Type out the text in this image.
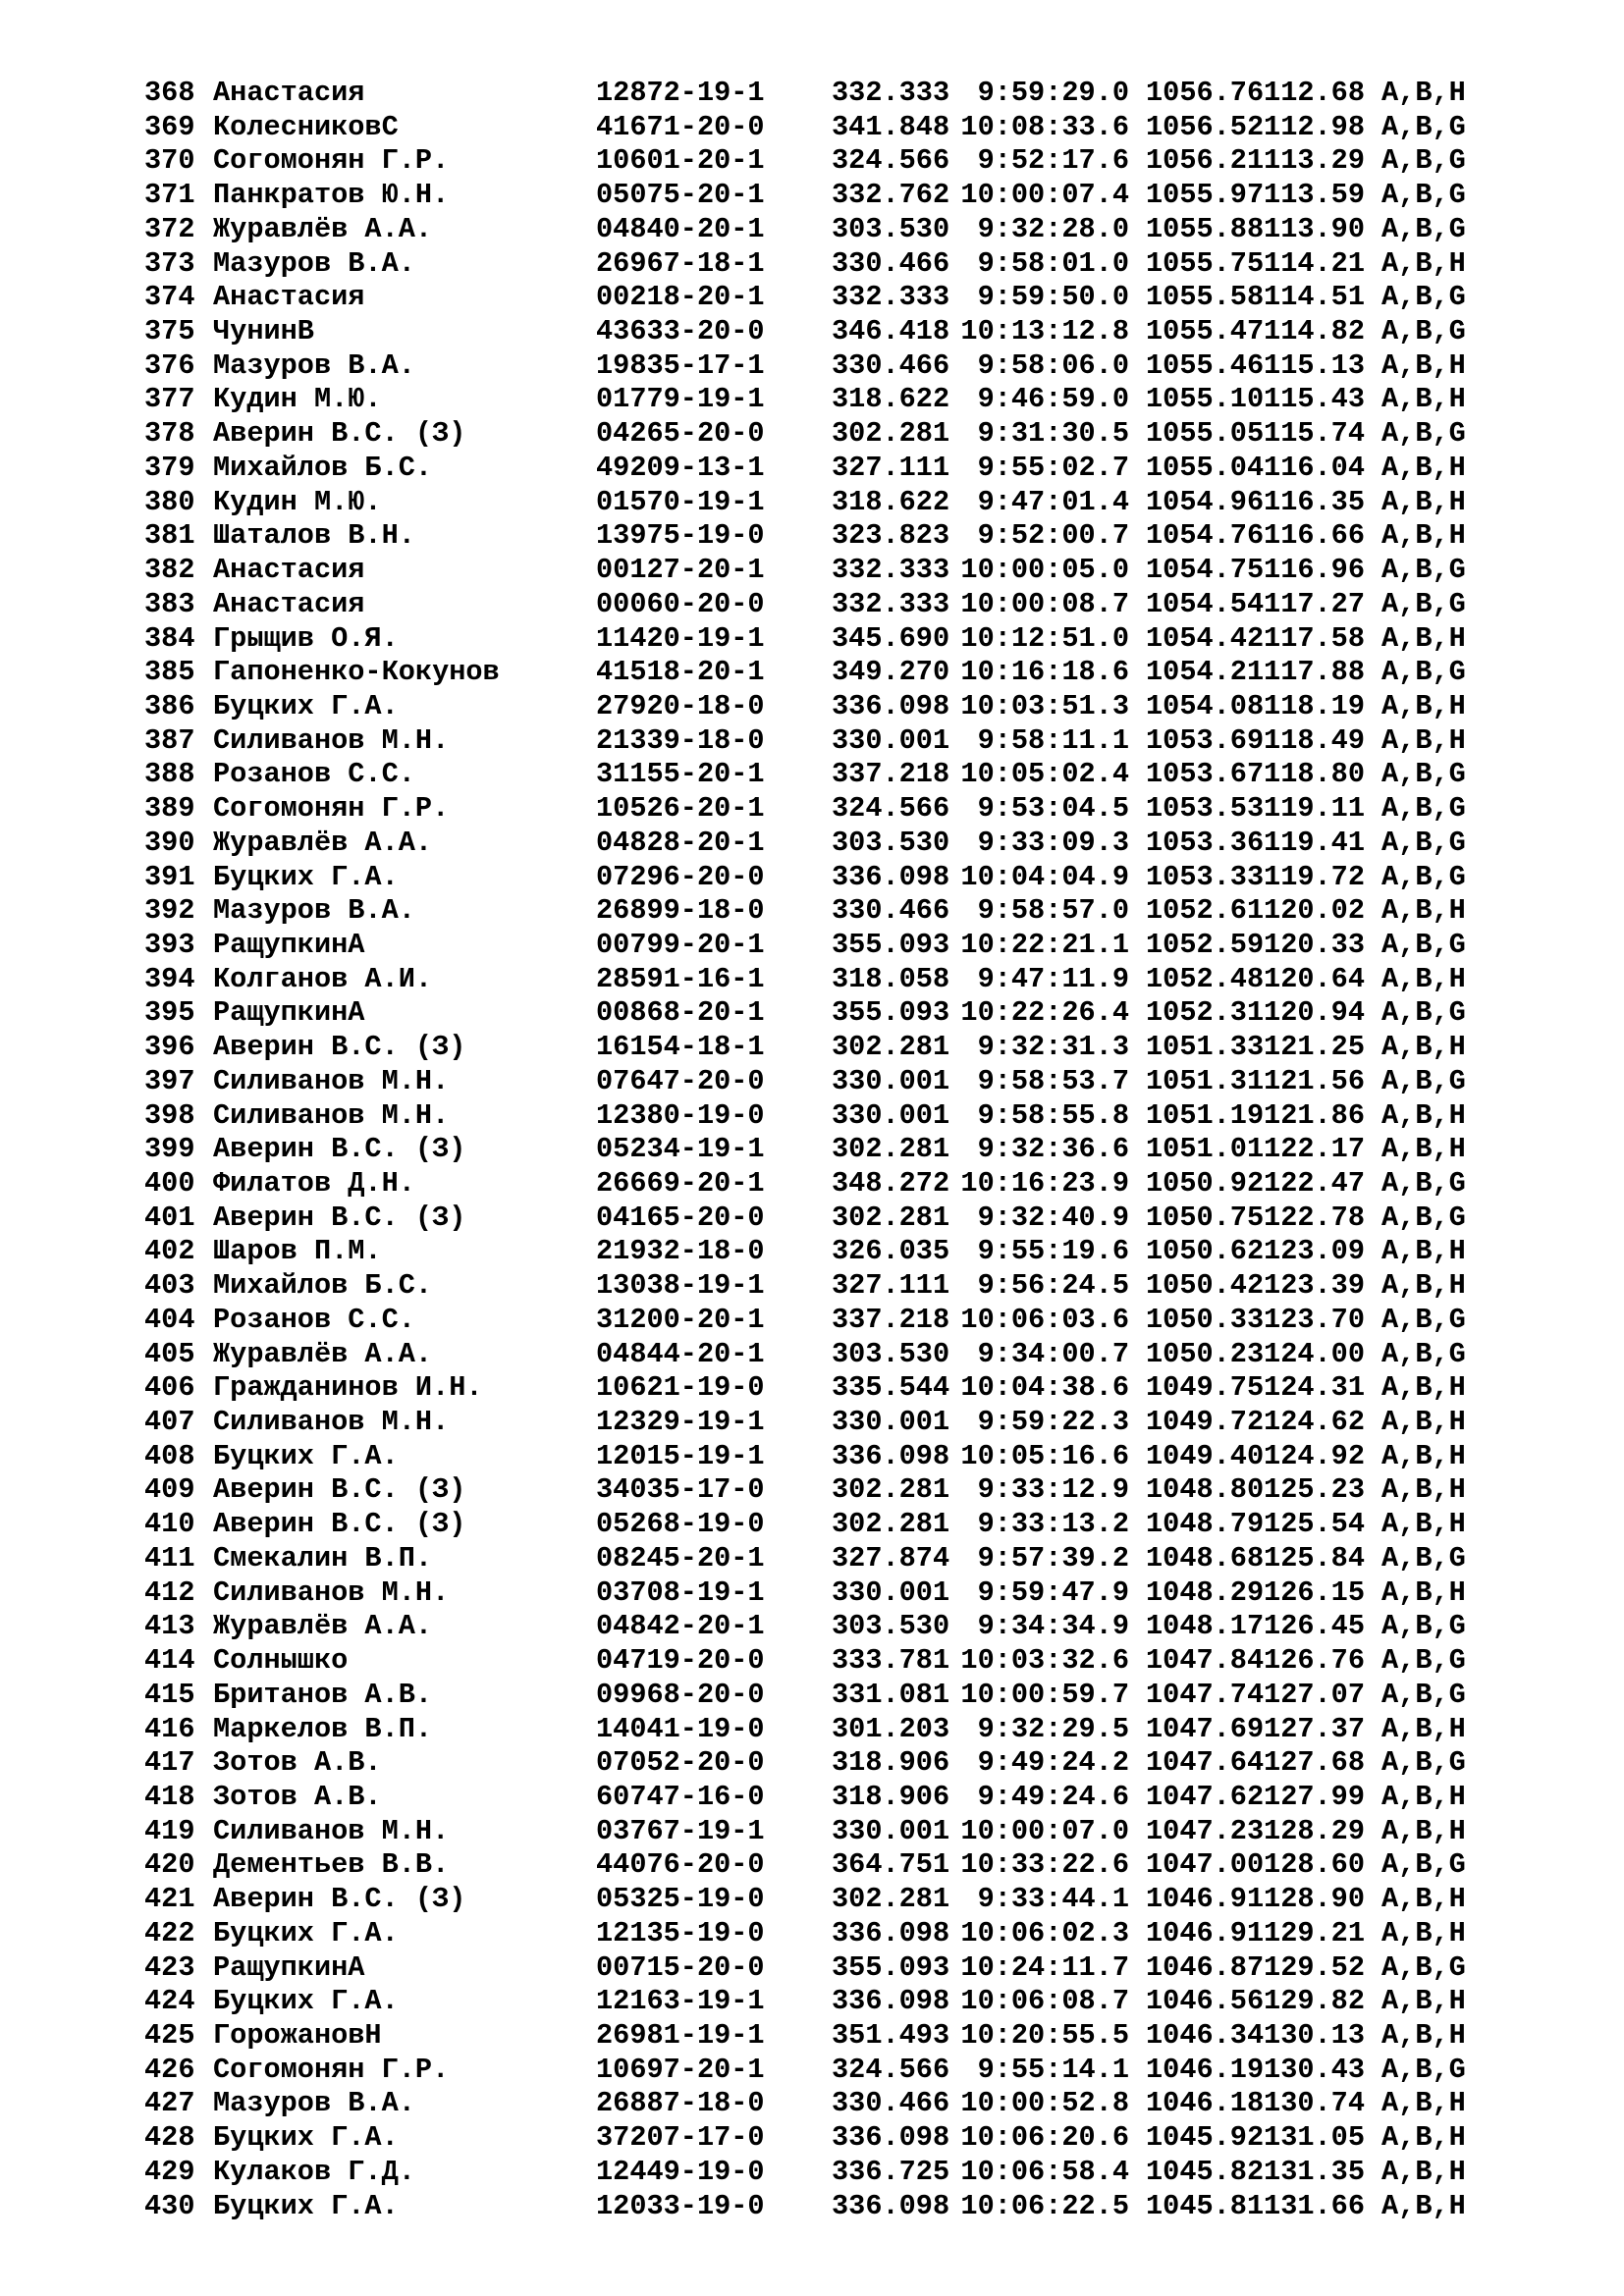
368 Анастасия	12872-19-1 332.333 9:59:29.0 1056.76112.68 A,B,H
369 КолесниковС	41671-20-0 341.848 10:08:33.6 1056.52112.98 A,B,G
370 Согомонян Г.Р.	10601-20-1 324.566 9:52:17.6 1056.21113.29 A,B,G
371 Панкратов Ю.Н.	05075-20-1 332.762 10:00:07.4 1055.97113.59 A,B,G
372 Журавлёв А.А.	04840-20-1 303.530 9:32:28.0 1055.88113.90 A,B,G
373 Мазуров В.А.	26967-18-1 330.466 9:58:01.0 1055.75114.21 A,B,H
374 Анастасия	00218-20-1 332.333 9:59:50.0 1055.58114.51 A,B,G
375 ЧунинВ	43633-20-0 346.418 10:13:12.8 1055.47114.82 A,B,G
376 Мазуров В.А.	19835-17-1 330.466 9:58:06.0 1055.46115.13 A,B,H
377 Кудин М.Ю.	01779-19-1 318.622 9:46:59.0 1055.10115.43 A,B,H
378 Аверин В.С. (З)	04265-20-0 302.281 9:31:30.5 1055.05115.74 A,B,G
379 Михайлов Б.С.	49209-13-1 327.111 9:55:02.7 1055.04116.04 A,B,H
380 Кудин М.Ю.	01570-19-1 318.622 9:47:01.4 1054.96116.35 A,B,H
381 Шаталов В.Н.	13975-19-0 323.823 9:52:00.7 1054.76116.66 A,B,H
382 Анастасия	00127-20-1 332.333 10:00:05.0 1054.75116.96 A,B,G
383 Анастасия	00060-20-0 332.333 10:00:08.7 1054.54117.27 A,B,G
384 Грыщив О.Я.	11420-19-1 345.690 10:12:51.0 1054.42117.58 A,B,H
385 Гапоненко-Кокунов	41518-20-1 349.270 10:16:18.6 1054.21117.88 A,B,G
386 Буцких Г.А.	27920-18-0 336.098 10:03:51.3 1054.08118.19 A,B,H
387 Силиванов М.Н.	21339-18-0 330.001 9:58:11.1 1053.69118.49 A,B,H
388 Розанов С.С.	31155-20-1 337.218 10:05:02.4 1053.67118.80 A,B,G
389 Согомонян Г.Р.	10526-20-1 324.566 9:53:04.5 1053.53119.11 A,B,G
390 Журавлёв А.А.	04828-20-1 303.530 9:33:09.3 1053.36119.41 A,B,G
391 Буцких Г.А.	07296-20-0 336.098 10:04:04.9 1053.33119.72 A,B,G
392 Мазуров В.А.	26899-18-0 330.466 9:58:57.0 1052.61120.02 A,B,H
393 РащупкинА	00799-20-1 355.093 10:22:21.1 1052.59120.33 A,B,G
394 Колганов А.И.	28591-16-1 318.058 9:47:11.9 1052.48120.64 A,B,H
395 РащупкинА	00868-20-1 355.093 10:22:26.4 1052.31120.94 A,B,G
396 Аверин В.С. (З)	16154-18-1 302.281 9:32:31.3 1051.33121.25 A,B,H
397 Силиванов М.Н.	07647-20-0 330.001 9:58:53.7 1051.31121.56 A,B,G
398 Силиванов М.Н.	12380-19-0 330.001 9:58:55.8 1051.19121.86 A,B,H
399 Аверин В.С. (З)	05234-19-1 302.281 9:32:36.6 1051.01122.17 A,B,H
400 Филатов Д.Н.	26669-20-1 348.272 10:16:23.9 1050.92122.47 A,B,G
401 Аверин В.С. (З)	04165-20-0 302.281 9:32:40.9 1050.75122.78 A,B,G
402 Шаров П.М.	21932-18-0 326.035 9:55:19.6 1050.62123.09 A,B,H
403 Михайлов Б.С.	13038-19-1 327.111 9:56:24.5 1050.42123.39 A,B,H
404 Розанов С.С.	31200-20-1 337.218 10:06:03.6 1050.33123.70 A,B,G
405 Журавлёв А.А.	04844-20-1 303.530 9:34:00.7 1050.23124.00 A,B,G
406 Гражданинов И.Н.	10621-19-0 335.544 10:04:38.6 1049.75124.31 A,B,H
407 Силиванов М.Н.	12329-19-1 330.001 9:59:22.3 1049.72124.62 A,B,H
408 Буцких Г.А.	12015-19-1 336.098 10:05:16.6 1049.40124.92 A,B,H
409 Аверин В.С. (З)	34035-17-0 302.281 9:33:12.9 1048.80125.23 A,B,H
410 Аверин В.С. (З)	05268-19-0 302.281 9:33:13.2 1048.79125.54 A,B,H
411 Смекалин В.П.	08245-20-1 327.874 9:57:39.2 1048.68125.84 A,B,G
412 Силиванов М.Н.	03708-19-1 330.001 9:59:47.9 1048.29126.15 A,B,H
413 Журавлёв А.А.	04842-20-1 303.530 9:34:34.9 1048.17126.45 A,B,G
414 Солнышко	04719-20-0 333.781 10:03:32.6 1047.84126.76 A,B,G
415 Британов А.В.	09968-20-0 331.081 10:00:59.7 1047.74127.07 A,B,G
416 Маркелов В.П.	14041-19-0 301.203 9:32:29.5 1047.69127.37 A,B,H
417 Зотов А.В.	07052-20-0 318.906 9:49:24.2 1047.64127.68 A,B,G
418 Зотов А.В.	60747-16-0 318.906 9:49:24.6 1047.62127.99 A,B,H
419 Силиванов М.Н.	03767-19-1 330.001 10:00:07.0 1047.23128.29 A,B,H
420 Дементьев В.В.	44076-20-0 364.751 10:33:22.6 1047.00128.60 A,B,G
421 Аверин В.С. (З)	05325-19-0 302.281 9:33:44.1 1046.91128.90 A,B,H
422 Буцких Г.А.	12135-19-0 336.098 10:06:02.3 1046.91129.21 A,B,H
423 РащупкинА	00715-20-0 355.093 10:24:11.7 1046.87129.52 A,B,G
424 Буцких Г.А.	12163-19-1 336.098 10:06:08.7 1046.56129.82 A,B,H
425 ГорожановН	26981-19-1 351.493 10:20:55.5 1046.34130.13 A,B,H
426 Согомонян Г.Р.	10697-20-1 324.566 9:55:14.1 1046.19130.43 A,B,G
427 Мазуров В.А.	26887-18-0 330.466 10:00:52.8 1046.18130.74 A,B,H
428 Буцких Г.А.	37207-17-0 336.098 10:06:20.6 1045.92131.05 A,B,H
429 Кулаков Г.Д.	12449-19-0 336.725 10:06:58.4 1045.82131.35 A,B,H
430 Буцких Г.А.	12033-19-0 336.098 10:06:22.5 1045.81131.66 A,B,H
